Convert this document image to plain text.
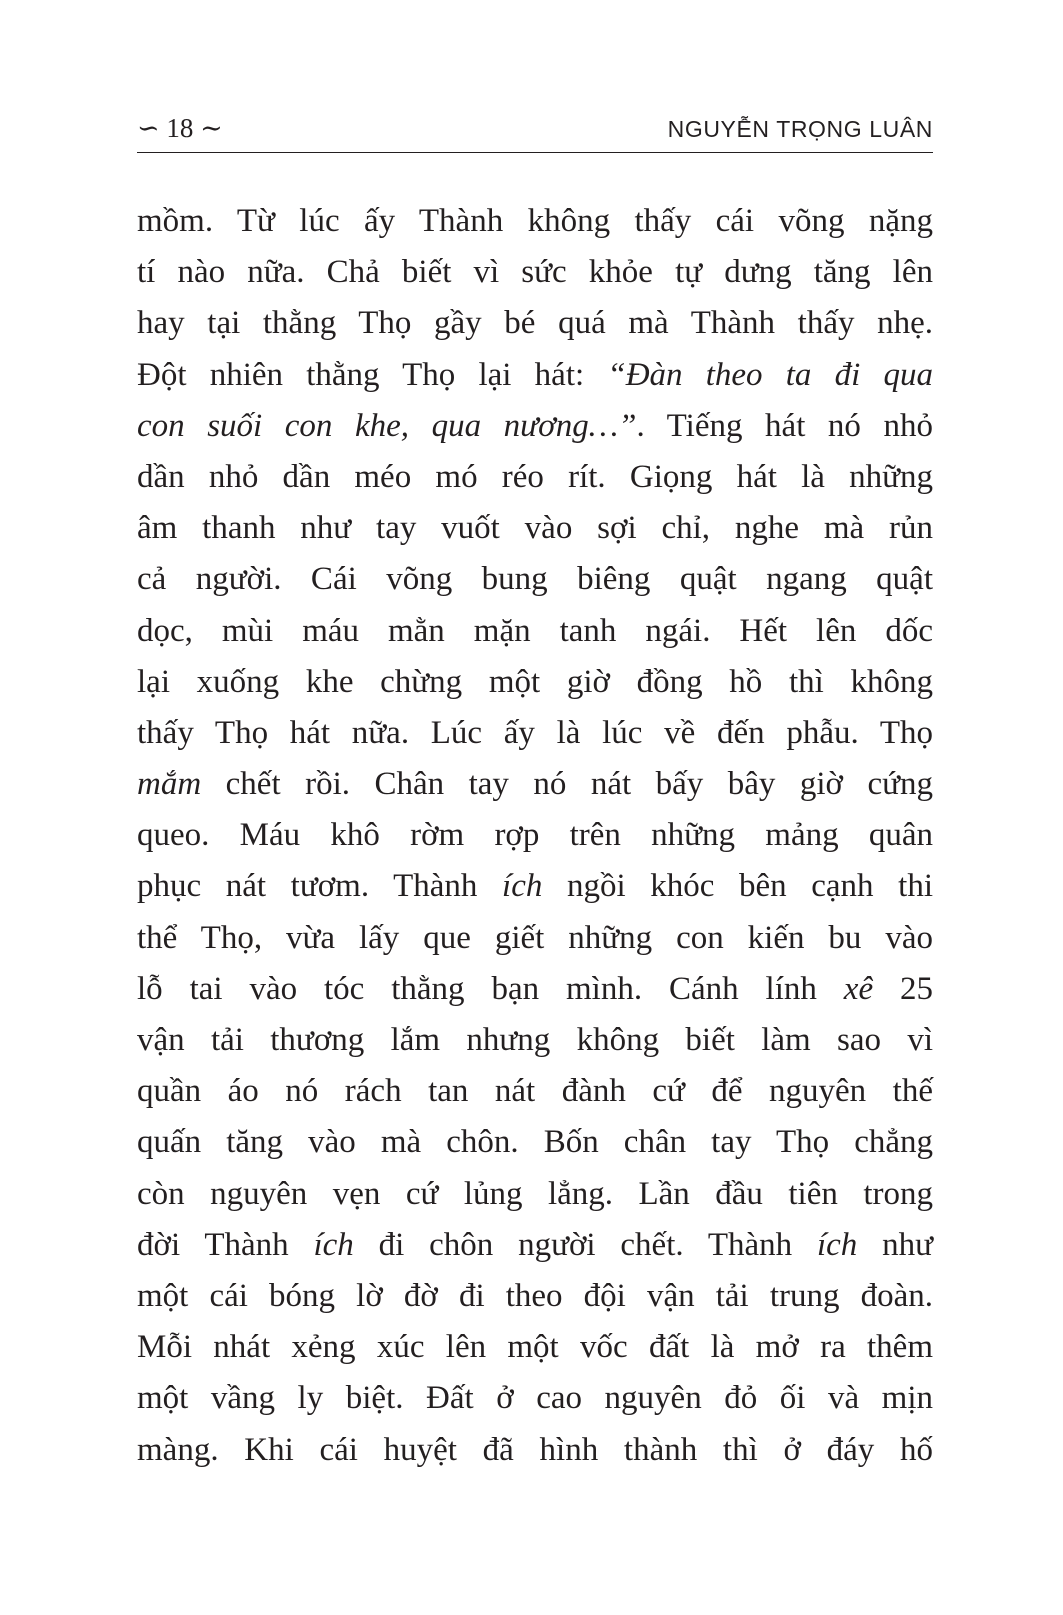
∽ 18 ∼	NGUYỄN TRỌNG LUÂN
mồm. Từ lúc ấy Thành không thấy cái võng nặng
tí nào nữa. Chả biết vì sức khỏe tự dưng tăng lên
hay tại thằng Thọ gầy bé quá mà Thành thấy nhẹ.
Đột nhiên thằng Thọ lại hát: “Đàn theo ta đi qua
con suối con khe, qua nương…”. Tiếng hát nó nhỏ
dần nhỏ dần méo mó réo rít. Giọng hát là những
âm thanh như tay vuốt vào sợi chỉ, nghe mà rủn
cả người. Cái võng bung biêng quật ngang quật
dọc, mùi máu mằn mặn tanh ngái. Hết lên dốc
lại xuống khe chừng một giờ đồng hồ thì không
thấy Thọ hát nữa. Lúc ấy là lúc về đến phẫu. Thọ
mắm chết rồi. Chân tay nó nát bấy bây giờ cứng
queo. Máu khô rờm rợp trên những mảng quân
phục nát tươm. Thành ích ngồi khóc bên cạnh thi
thể Thọ, vừa lấy que giết những con kiến bu vào
lỗ tai vào tóc thằng bạn mình. Cánh lính xê 25
vận tải thương lắm nhưng không biết làm sao vì
quần áo nó rách tan nát đành cứ để nguyên thế
quấn tăng vào mà chôn. Bốn chân tay Thọ chẳng
còn nguyên vẹn cứ lủng lẳng. Lần đầu tiên trong
đời Thành ích đi chôn người chết. Thành ích như
một cái bóng lờ đờ đi theo đội vận tải trung đoàn.
Mỗi nhát xẻng xúc lên một vốc đất là mở ra thêm
một vầng ly biệt. Đất ở cao nguyên đỏ ối và mịn
màng. Khi cái huyệt đã hình thành thì ở đáy hố
